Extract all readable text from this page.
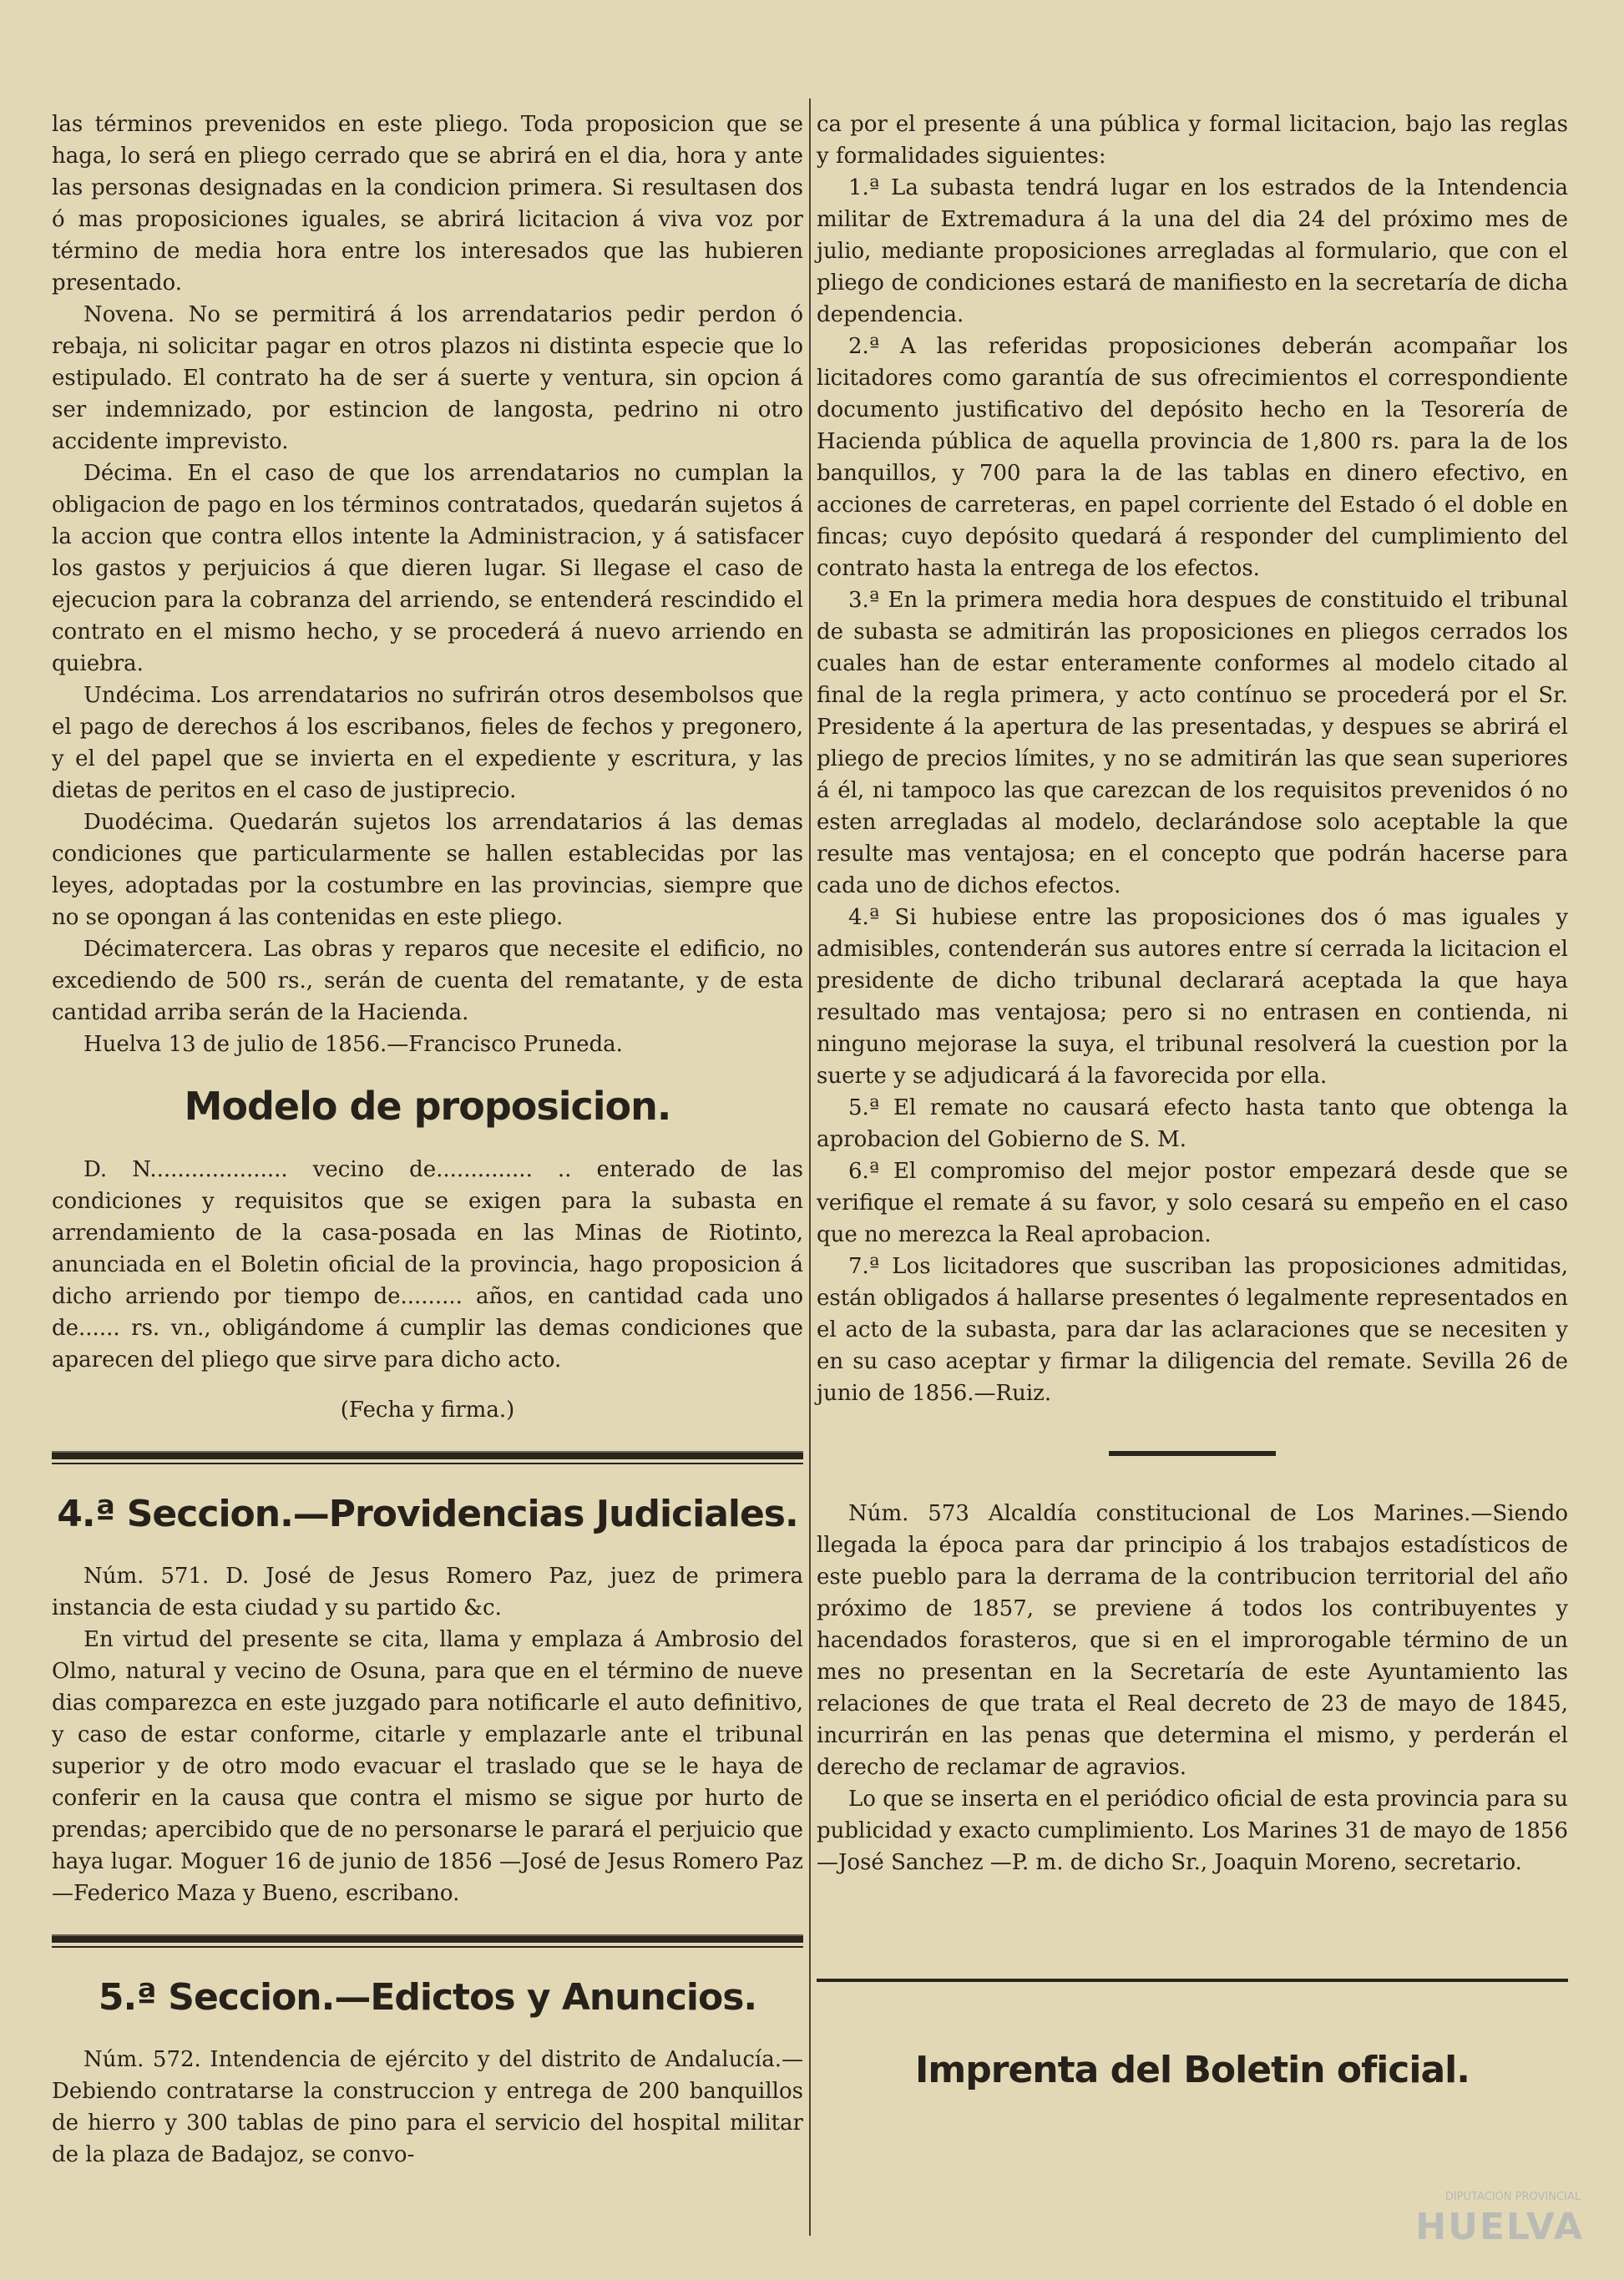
las términos prevenidos en este pliego. Toda proposicion que se haga, lo será en pliego cerrado que se abrirá en el dia, hora y ante las personas designadas en la condicion primera. Si resultasen dos ó mas proposiciones iguales, se abrirá licitacion á viva voz por término de media hora entre los interesados que las hubieren presentado.

Novena. No se permitirá á los arrendatarios pedir perdon ó rebaja, ni solicitar pagar en otros plazos ni distinta especie que lo estipulado. El contrato ha de ser á suerte y ventura, sin opcion á ser indemnizado, por estincion de langosta, pedrino ni otro accidente imprevisto.

Décima. En el caso de que los arrendatarios no cumplan la obligacion de pago en los términos contratados, quedarán sujetos á la accion que contra ellos intente la Administracion, y á satisfacer los gastos y perjuicios á que dieren lugar. Si llegase el caso de ejecucion para la cobranza del arriendo, se entenderá rescindido el contrato en el mismo hecho, y se procederá á nuevo arriendo en quiebra.

Undécima. Los arrendatarios no sufrirán otros desembolsos que el pago de derechos á los escribanos, fieles de fechos y pregonero, y el del papel que se invierta en el expediente y escritura, y las dietas de peritos en el caso de justiprecio.

Duodécima. Quedarán sujetos los arrendatarios á las demas condiciones que particularmente se hallen establecidas por las leyes, adoptadas por la costumbre en las provincias, siempre que no se opongan á las contenidas en este pliego.

Décimatercera. Las obras y reparos que necesite el edificio, no excediendo de 500 rs., serán de cuenta del rematante, y de esta cantidad arriba serán de la Hacienda.

Huelva 13 de julio de 1856.—Francisco Pruneda.

Modelo de proposicion.

D. N.................... vecino de.............. .. enterado de las condiciones y requisitos que se exigen para la subasta en arrendamiento de la casa-posada en las Minas de Riotinto, anunciada en el Boletin oficial de la provincia, hago proposicion á dicho arriendo por tiempo de......... años, en cantidad cada uno de...... rs. vn., obligándome á cumplir las demas condiciones que aparecen del pliego que sirve para dicho acto.

(Fecha y firma.)

4.ª Seccion.—Providencias Judiciales.

Núm. 571. D. José de Jesus Romero Paz, juez de primera instancia de esta ciudad y su partido &c.

En virtud del presente se cita, llama y emplaza á Ambrosio del Olmo, natural y vecino de Osuna, para que en el término de nueve dias comparezca en este juzgado para notificarle el auto definitivo, y caso de estar conforme, citarle y emplazarle ante el tribunal superior y de otro modo evacuar el traslado que se le haya de conferir en la causa que contra el mismo se sigue por hurto de prendas; apercibido que de no personarse le parará el perjuicio que haya lugar. Moguer 16 de junio de 1856 —José de Jesus Romero Paz —Federico Maza y Bueno, escribano.

5.ª Seccion.—Edictos y Anuncios.

Núm. 572. Intendencia de ejército y del distrito de Andalucía.—Debiendo contratarse la construccion y entrega de 200 banquillos de hierro y 300 tablas de pino para el servicio del hospital militar de la plaza de Badajoz, se convo-

ca por el presente á una pública y formal licitacion, bajo las reglas y formalidades siguientes:

1.ª La subasta tendrá lugar en los estrados de la Intendencia militar de Extremadura á la una del dia 24 del próximo mes de julio, mediante proposiciones arregladas al formulario, que con el pliego de condiciones estará de manifiesto en la secretaría de dicha dependencia.

2.ª A las referidas proposiciones deberán acompañar los licitadores como garantía de sus ofrecimientos el correspondiente documento justificativo del depósito hecho en la Tesorería de Hacienda pública de aquella provincia de 1,800 rs. para la de los banquillos, y 700 para la de las tablas en dinero efectivo, en acciones de carreteras, en papel corriente del Estado ó el doble en fincas; cuyo depósito quedará á responder del cumplimiento del contrato hasta la entrega de los efectos.

3.ª En la primera media hora despues de constituido el tribunal de subasta se admitirán las proposiciones en pliegos cerrados los cuales han de estar enteramente conformes al modelo citado al final de la regla primera, y acto contínuo se procederá por el Sr. Presidente á la apertura de las presentadas, y despues se abrirá el pliego de precios límites, y no se admitirán las que sean superiores á él, ni tampoco las que carezcan de los requisitos prevenidos ó no esten arregladas al modelo, declarándose solo aceptable la que resulte mas ventajosa; en el concepto que podrán hacerse para cada uno de dichos efectos.

4.ª Si hubiese entre las proposiciones dos ó mas iguales y admisibles, contenderán sus autores entre sí cerrada la licitacion el presidente de dicho tribunal declarará aceptada la que haya resultado mas ventajosa; pero si no entrasen en contienda, ni ninguno mejorase la suya, el tribunal resolverá la cuestion por la suerte y se adjudicará á la favorecida por ella.

5.ª El remate no causará efecto hasta tanto que obtenga la aprobacion del Gobierno de S. M.

6.ª El compromiso del mejor postor empezará desde que se verifique el remate á su favor, y solo cesará su empeño en el caso que no merezca la Real aprobacion.

7.ª Los licitadores que suscriban las proposiciones admitidas, están obligados á hallarse presentes ó legalmente representados en el acto de la subasta, para dar las aclaraciones que se necesiten y en su caso aceptar y firmar la diligencia del remate. Sevilla 26 de junio de 1856.—Ruiz.

Núm. 573 Alcaldía constitucional de Los Marines.—Siendo llegada la época para dar principio á los trabajos estadísticos de este pueblo para la derrama de la contribucion territorial del año próximo de 1857, se previene á todos los contribuyentes y hacendados forasteros, que si en el improrogable término de un mes no presentan en la Secretaría de este Ayuntamiento las relaciones de que trata el Real decreto de 23 de mayo de 1845, incurrirán en las penas que determina el mismo, y perderán el derecho de reclamar de agravios.

Lo que se inserta en el periódico oficial de esta provincia para su publicidad y exacto cumplimiento. Los Marines 31 de mayo de 1856 —José Sanchez —P. m. de dicho Sr., Joaquin Moreno, secretario.

Imprenta del Boletin oficial.
DIPUTACIÓN PROVINCIAL
HUELVA
